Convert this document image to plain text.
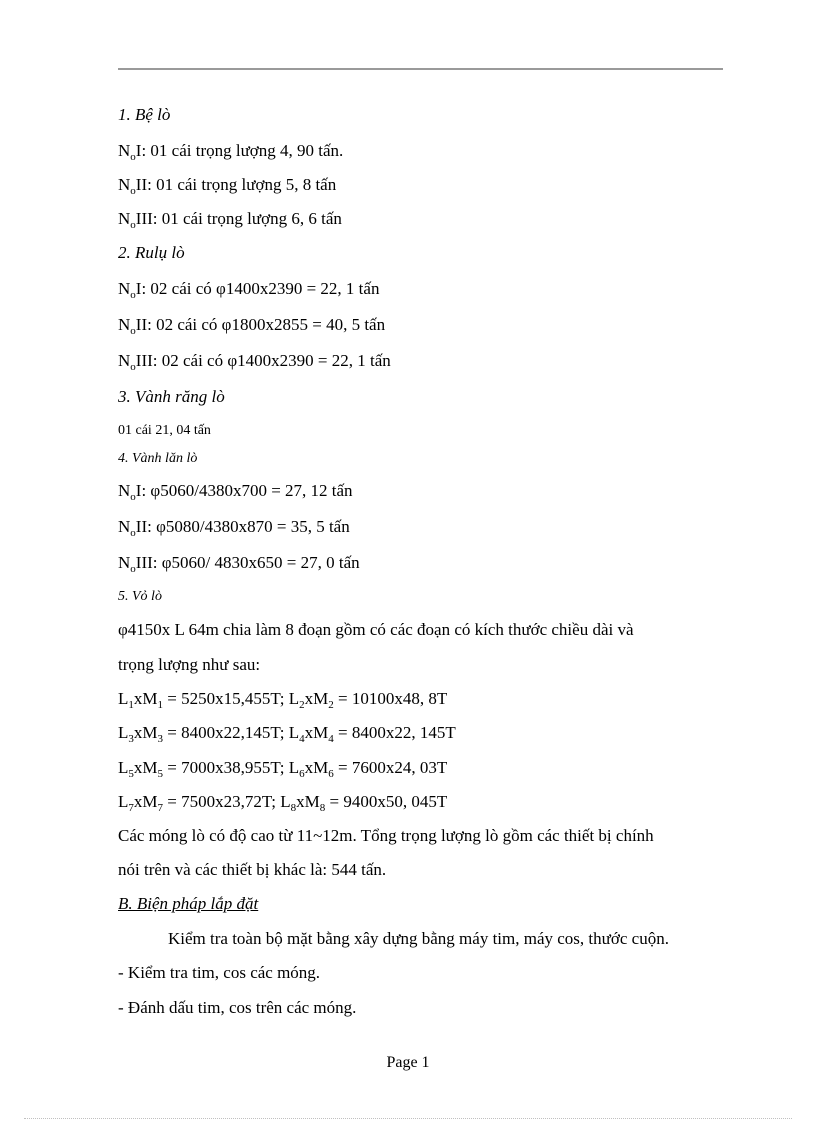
1. Bệ lò
$N_oI$: 01 cái trọng lượng 4, 90 tấn.
$N_oII$: 01 cái trọng lượng 5, 8 tấn
$N_oIII$: 01 cái trọng lượng 6, 6 tấn
2. Rulụ lò
$N_oI$: 02 cái có φ1400x2390 = 22, 1 tấn
$N_oII$: 02 cái có φ1800x2855 = 40, 5 tấn
$N_oIII$: 02 cái có φ1400x2390 = 22, 1 tấn
3. Vành răng lò
01 cái 21, 04 tấn
4. Vành lăn lò
$N_oI$: φ5060/4380x700 = 27, 12 tấn
$N_oII$: φ5080/4380x870 = 35, 5 tấn
$N_oIII$: φ5060/ 4830x650 = 27, 0 tấn
5. Vỏ lò
φ4150x L 64m chia làm 8 đoạn gồm có các đoạn có kích thước chiều dài và
trọng lượng như sau:
$L_1xM_1 = 5250x15,455T$; $L_2xM_2 = 10100x48$, 8T
$L_3xM_3 = 8400x22,145T$; $L_4xM_4 = 8400x22$, 145T
$L_5xM_5 = 7000x38,955T$; $L_6xM_6 = 7600x24$, 03T
$L_7xM_7 = 7500x23,72T$; $L_8xM_8 = 9400x50$, 045T
Các móng lò có độ cao từ 11~12m. Tổng trọng lượng lò gồm các thiết bị chính
nói trên và các thiết bị khác là: 544 tấn.
B. Biện pháp lắp đặt
Kiểm tra toàn bộ mặt bằng xây dựng bằng máy tim, máy cos, thước cuộn.
- Kiểm tra tim, cos các móng.
- Đánh dấu tim, cos trên các móng.
Page 1
